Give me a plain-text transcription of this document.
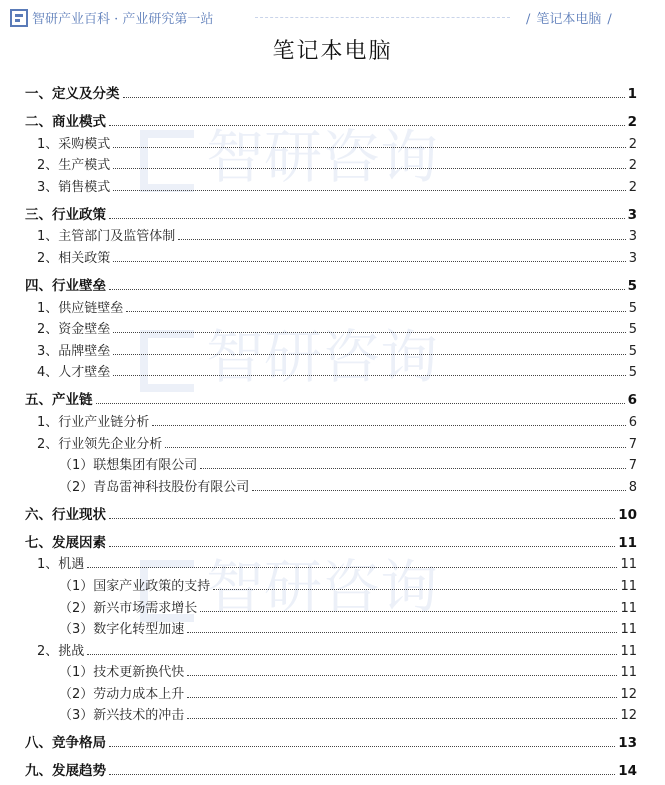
智研产业百科 · 产业研究第一站	/ 笔记本电脑 /
笔记本电脑
智研咨询
智研咨询
智研咨询
一、定义及分类	1
二、商业模式	2
1、采购模式	2
2、生产模式	2
3、销售模式	2
三、行业政策	3
1、主管部门及监管体制	3
2、相关政策	3
四、行业壁垒	5
1、供应链壁垒	5
2、资金壁垒	5
3、品牌壁垒	5
4、人才壁垒	5
五、产业链	6
1、行业产业链分析	6
2、行业领先企业分析	7
（1）联想集团有限公司	7
（2）青岛雷神科技股份有限公司	8
六、行业现状	10
七、发展因素	11
1、机遇	11
（1）国家产业政策的支持	11
（2）新兴市场需求增长	11
（3）数字化转型加速	11
2、挑战	11
（1）技术更新换代快	11
（2）劳动力成本上升	12
（3）新兴技术的冲击	12
八、竞争格局	13
九、发展趋势	14
